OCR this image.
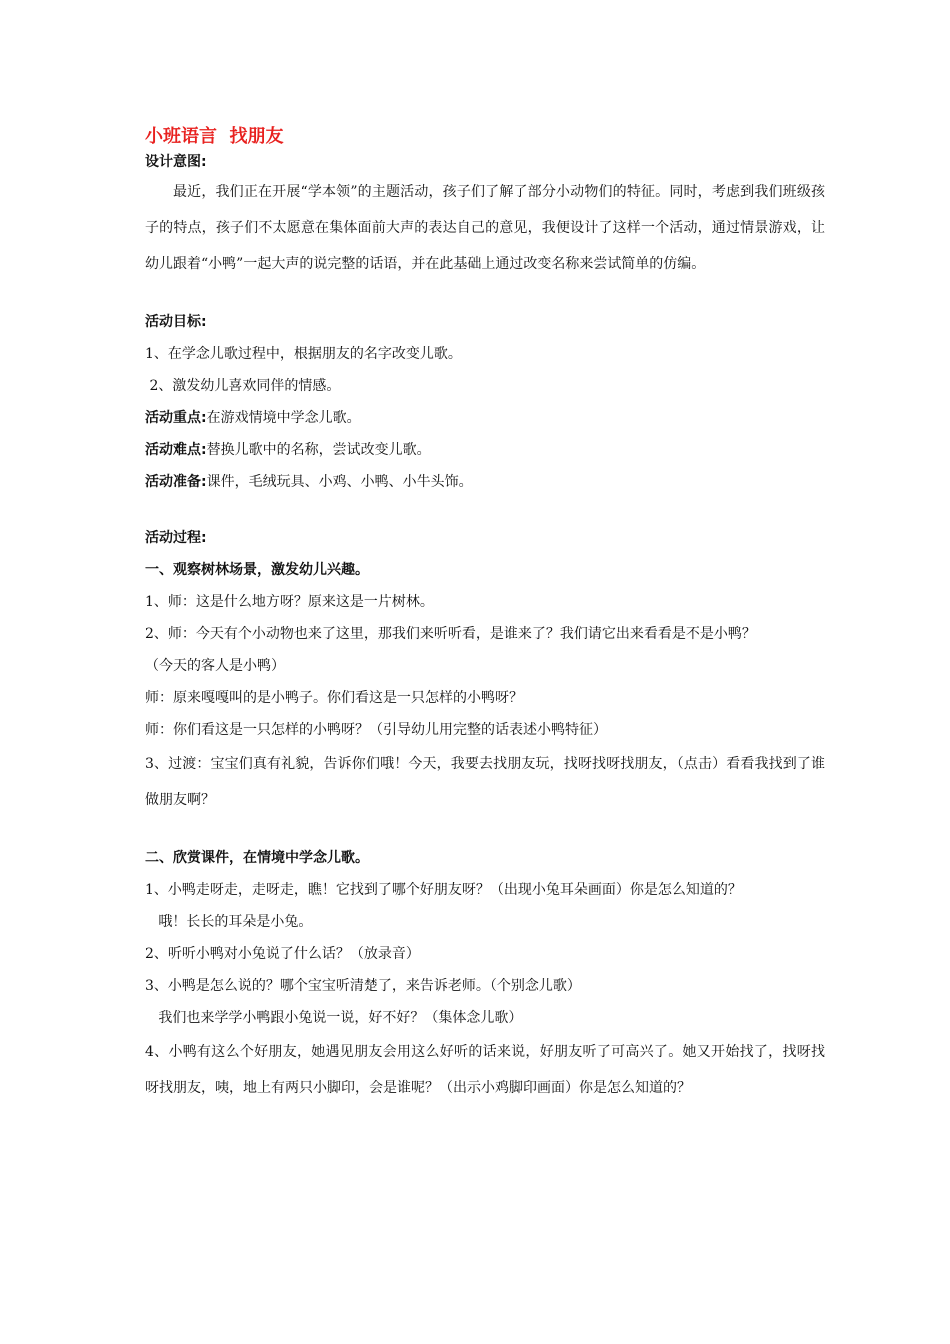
小班语言  找朋友
设计意图:
最近，我们正在开展“学本领”的主题活动，孩子们了解了部分小动物们的特征。同时，考虑到我们班级孩子的特点，孩子们不太愿意在集体面前大声的表达自己的意见，我便设计了这样一个活动，通过情景游戏，让幼儿跟着“小鸭”一起大声的说完整的话语，并在此基础上通过改变名称来尝试简单的仿编。
活动目标:
1、在学念儿歌过程中，根据朋友的名字改变儿歌。
2、激发幼儿喜欢同伴的情感。
活动重点:在游戏情境中学念儿歌。
活动难点:替换儿歌中的名称，尝试改变儿歌。
活动准备:课件，毛绒玩具、小鸡、小鸭、小牛头饰。
活动过程:
一、观察树林场景，激发幼儿兴趣。
1、师：这是什么地方呀？原来这是一片树林。
2、师：今天有个小动物也来了这里，那我们来听听看，是谁来了？我们请它出来看看是不是小鸭？
（今天的客人是小鸭）
师：原来嘎嘎叫的是小鸭子。你们看这是一只怎样的小鸭呀？
师：你们看这是一只怎样的小鸭呀？（引导幼儿用完整的话表述小鸭特征）
3、过渡：宝宝们真有礼貌，告诉你们哦！今天，我要去找朋友玩，找呀找呀找朋友，（点击）看看我找到了谁做朋友啊？
二、欣赏课件，在情境中学念儿歌。
1、小鸭走呀走，走呀走，瞧！它找到了哪个好朋友呀？（出现小兔耳朵画面）你是怎么知道的？
哦！长长的耳朵是小兔。
2、听听小鸭对小兔说了什么话？（放录音）
3、小鸭是怎么说的？哪个宝宝听清楚了，来告诉老师。（个别念儿歌）
我们也来学学小鸭跟小兔说一说，好不好？（集体念儿歌）
4、小鸭有这么个好朋友，她遇见朋友会用这么好听的话来说，好朋友听了可高兴了。她又开始找了，找呀找呀找朋友，咦，地上有两只小脚印，会是谁呢？（出示小鸡脚印画面）你是怎么知道的？
